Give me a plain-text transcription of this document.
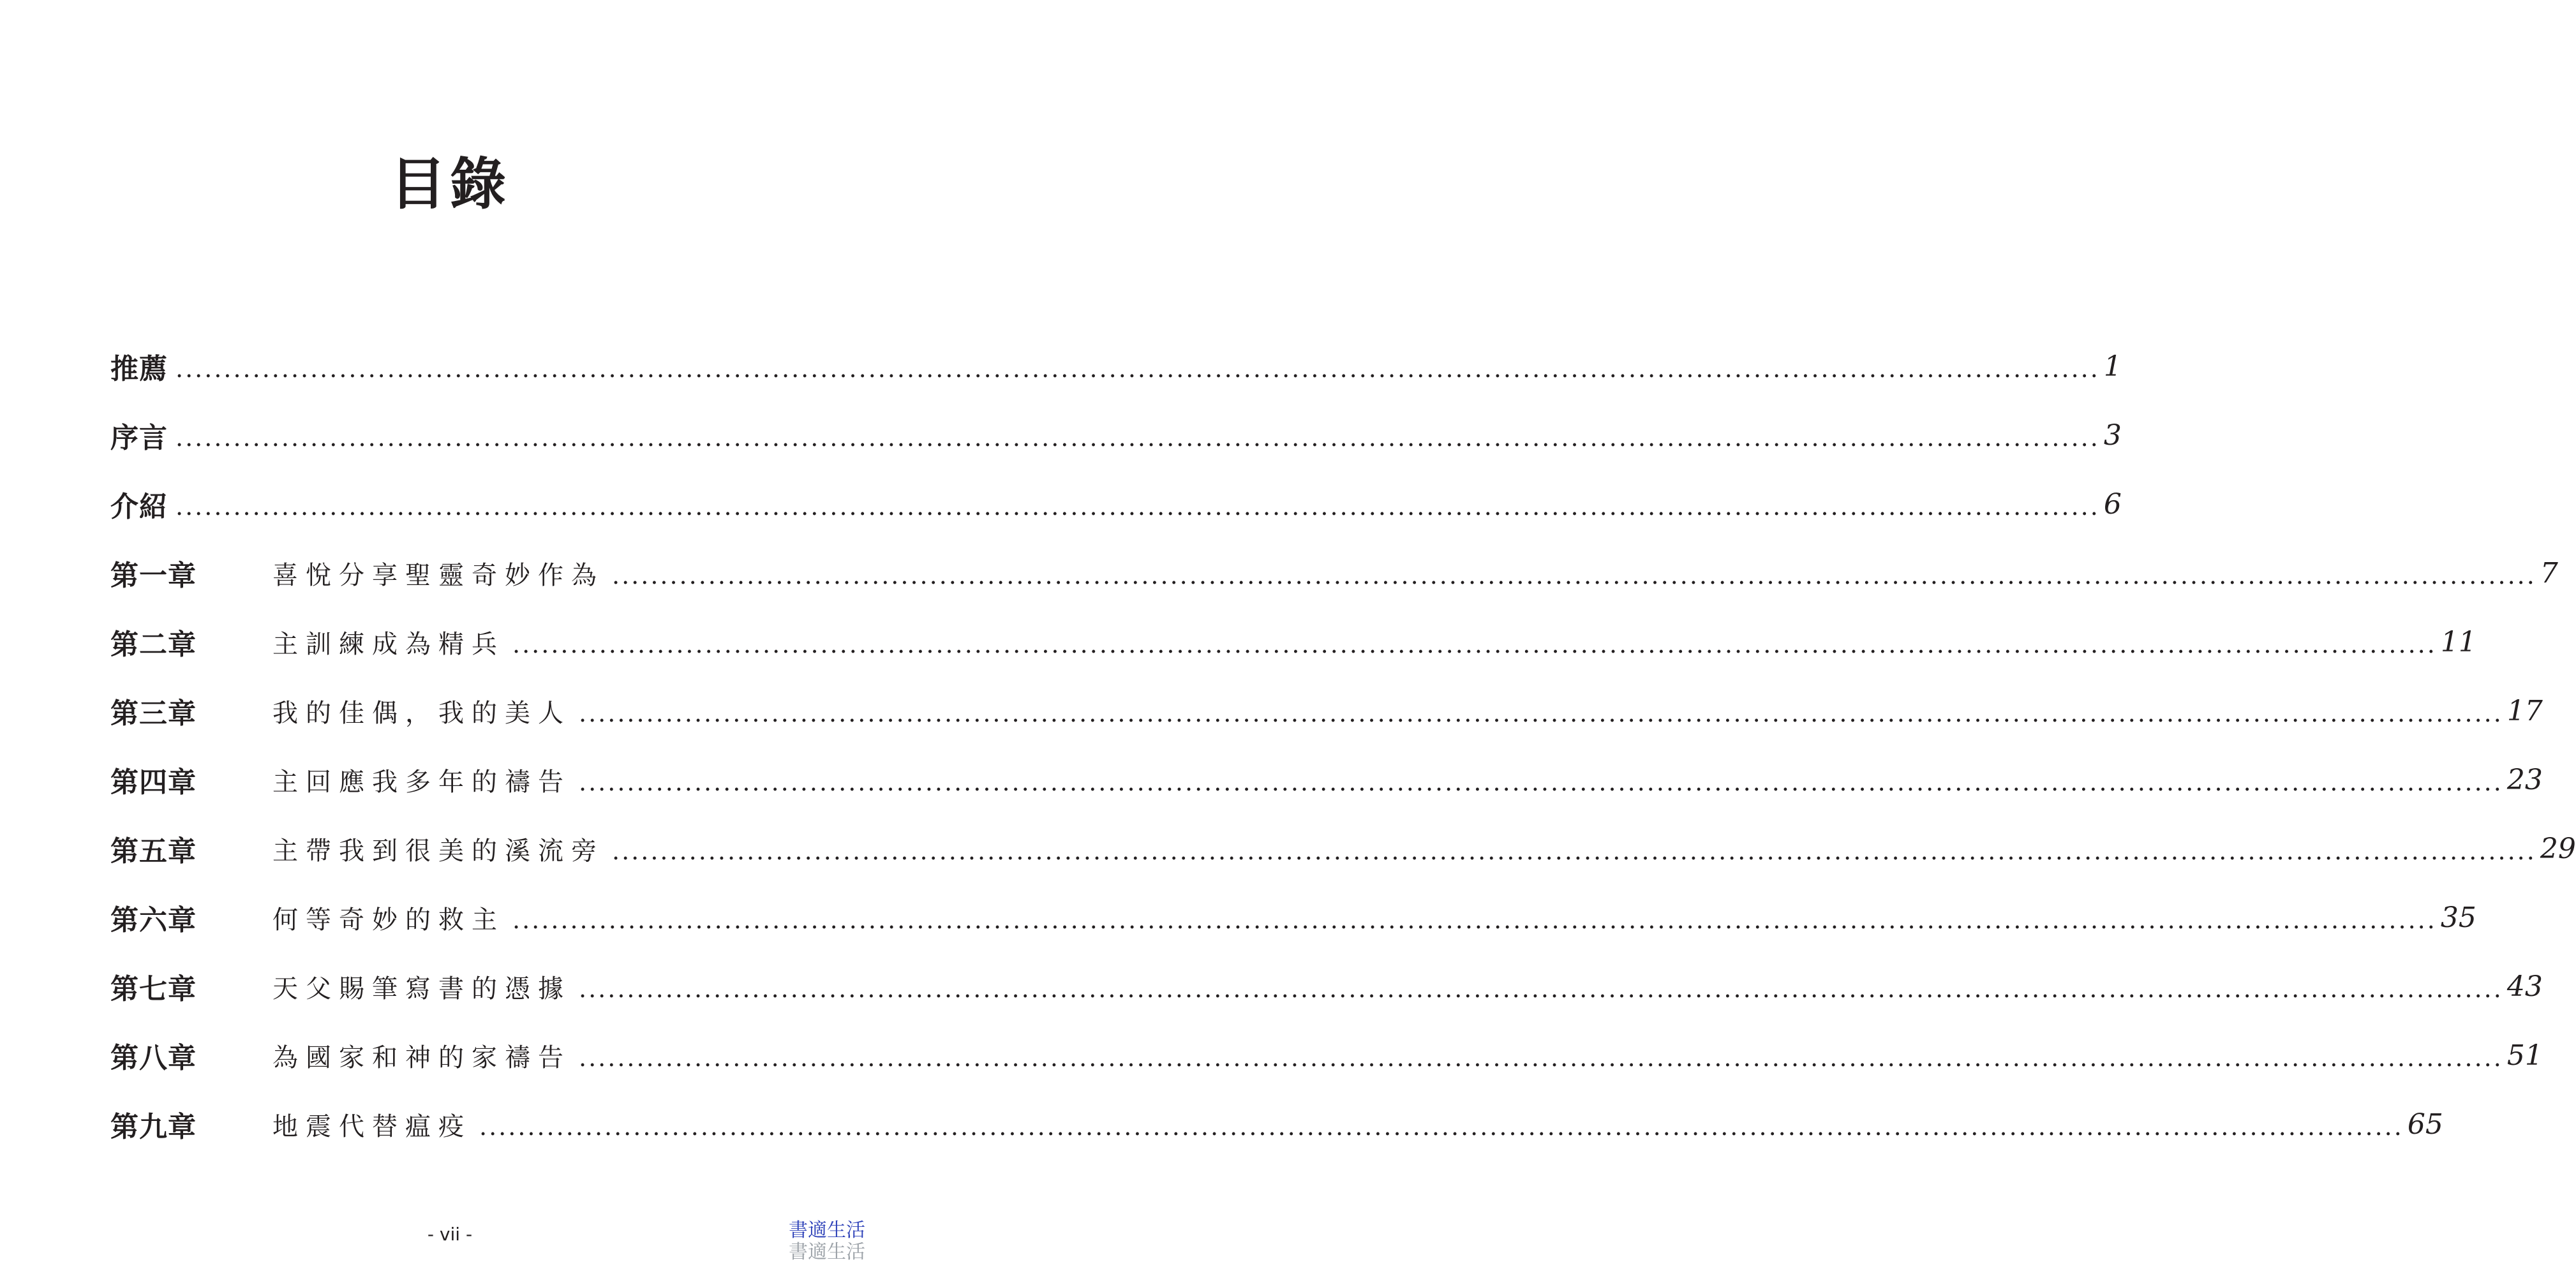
目錄
推薦 ........................................................................................................................................................................................................ 1
序言 ........................................................................................................................................................................................................ 3
介紹 ........................................................................................................................................................................................................ 6
第一章	喜悅分享聖靈奇妙作為 ........................................................................................................................................................................................................ 7
第二章	主訓練成為精兵 ........................................................................................................................................................................................................ 11
第三章	我的佳偶，我的美人 ........................................................................................................................................................................................................ 17
第四章	主回應我多年的禱告 ........................................................................................................................................................................................................ 23
第五章	主帶我到很美的溪流旁 ........................................................................................................................................................................................................ 29
第六章	何等奇妙的救主 ........................................................................................................................................................................................................ 35
第七章	天父賜筆寫書的憑據 ........................................................................................................................................................................................................ 43
第八章	為國家和神的家禱告 ........................................................................................................................................................................................................ 51
第九章	地震代替瘟疫 ........................................................................................................................................................................................................ 65
- vii -	書適生活
書適生活
